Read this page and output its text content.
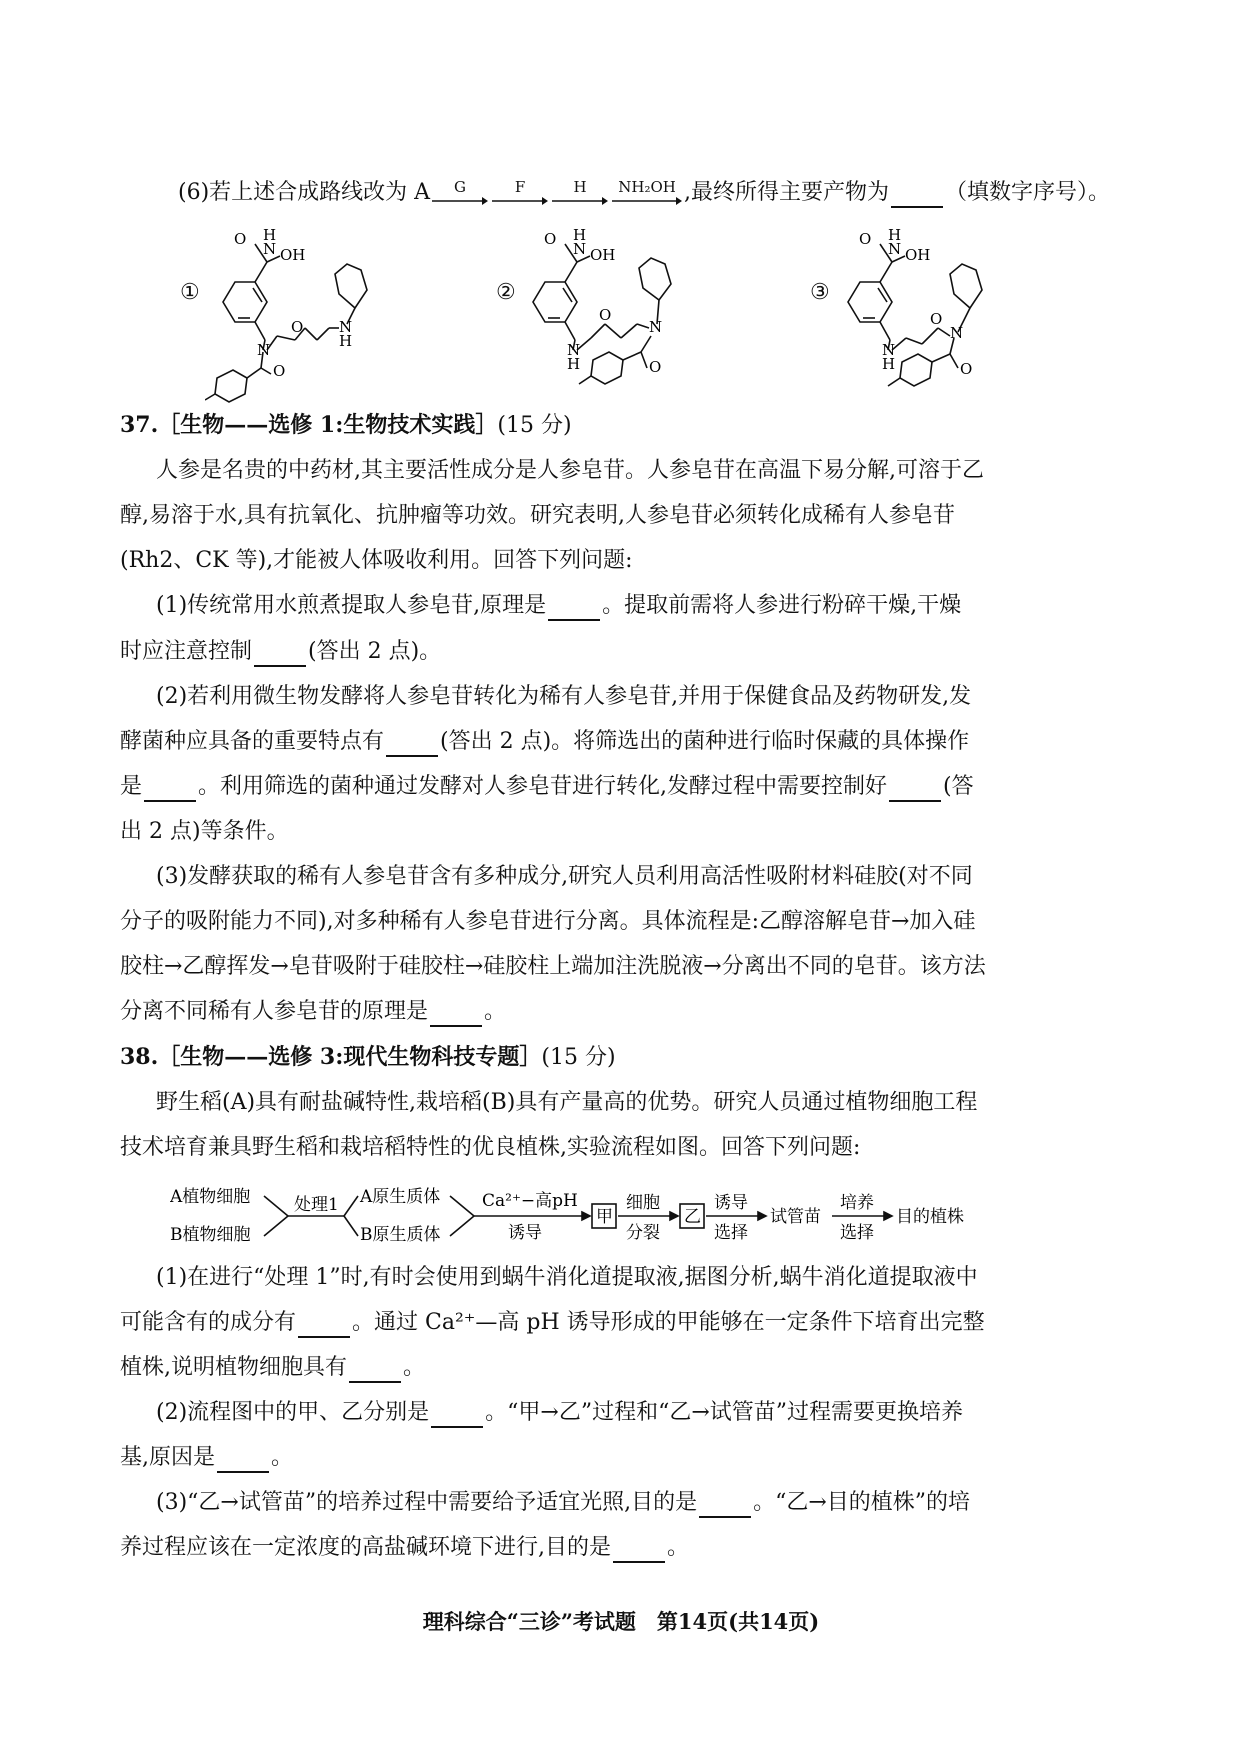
(6)若上述合成路线改为 A	G	F	H	NH₂OH ,最终所得主要产物为	（填数字序号）。
①	②	③
O H
N OH
N
O
O N
H
O H
N OH
N
H
O
N
O
O H
N OH
N
H
O
N
O
37.［生物——选修 1:生物技术实践］(15 分)
人参是名贵的中药材,其主要活性成分是人参皂苷。人参皂苷在高温下易分解,可溶于乙
醇,易溶于水,具有抗氧化、抗肿瘤等功效。研究表明,人参皂苷必须转化成稀有人参皂苷
(Rh2、CK 等),才能被人体吸收利用。回答下列问题:
(1)传统常用水煎煮提取人参皂苷,原理是	。提取前需将人参进行粉碎干燥,干燥
时应注意控制	(答出 2 点)。
(2)若利用微生物发酵将人参皂苷转化为稀有人参皂苷,并用于保健食品及药物研发,发
酵菌种应具备的重要特点有	(答出 2 点)。将筛选出的菌种进行临时保藏的具体操作
是	。利用筛选的菌种通过发酵对人参皂苷进行转化,发酵过程中需要控制好	(答
出 2 点)等条件。
(3)发酵获取的稀有人参皂苷含有多种成分,研究人员利用高活性吸附材料硅胶(对不同
分子的吸附能力不同),对多种稀有人参皂苷进行分离。具体流程是:乙醇溶解皂苷→加入硅
胶柱→乙醇挥发→皂苷吸附于硅胶柱→硅胶柱上端加注洗脱液→分离出不同的皂苷。该方法
分离不同稀有人参皂苷的原理是	。
38.［生物——选修 3:现代生物科技专题］(15 分)
野生稻(A)具有耐盐碱特性,栽培稻(B)具有产量高的优势。研究人员通过植物细胞工程
技术培育兼具野生稻和栽培稻特性的优良植株,实验流程如图。回答下列问题:
A植物细胞
B植物细胞
处理1 A原生质体
B原生质体
Ca²⁺−高pH
诱导
甲
细胞
分裂
乙
诱导
选择
试管苗
培养
选择
目的植株
(1)在进行“处理 1”时,有时会使用到蜗牛消化道提取液,据图分析,蜗牛消化道提取液中
可能含有的成分有	。通过 Ca²⁺—高 pH 诱导形成的甲能够在一定条件下培育出完整
植株,说明植物细胞具有	。
(2)流程图中的甲、乙分别是	。“甲→乙”过程和“乙→试管苗”过程需要更换培养
基,原因是	。
(3)“乙→试管苗”的培养过程中需要给予适宜光照,目的是	。“乙→目的植株”的培
养过程应该在一定浓度的高盐碱环境下进行,目的是	。
理科综合“三诊”考试题　第14页(共14页)
